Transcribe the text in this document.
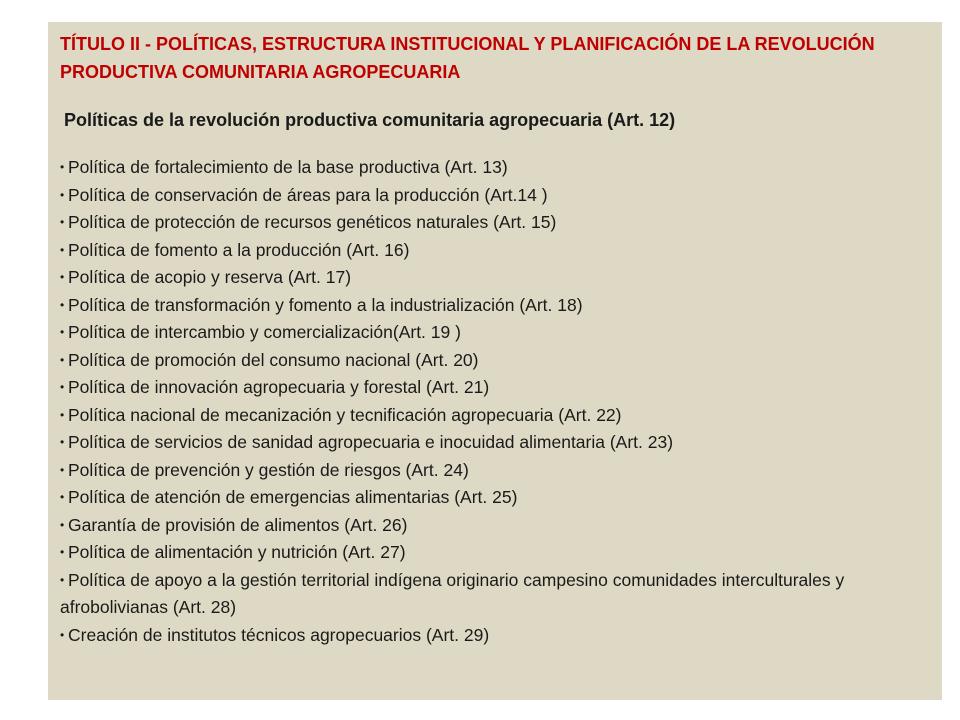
TÍTULO II - POLÍTICAS, ESTRUCTURA INSTITUCIONAL Y PLANIFICACIÓN DE LA REVOLUCIÓN PRODUCTIVA COMUNITARIA AGROPECUARIA

Políticas de la revolución productiva comunitaria agropecuaria (Art. 12)

• Política de fortalecimiento de la base productiva (Art. 13)
• Política de conservación de áreas para la producción (Art.14 )
• Política de protección de recursos genéticos naturales (Art. 15)
• Política de fomento a la producción (Art. 16)
• Política de acopio y reserva (Art. 17)
• Política de transformación y fomento a la industrialización (Art. 18)
• Política de intercambio y comercialización(Art. 19 )
• Política de promoción del consumo nacional (Art. 20)
• Política de innovación agropecuaria y forestal (Art. 21)
• Política nacional de mecanización y tecnificación agropecuaria (Art. 22)
• Política de servicios de sanidad agropecuaria e inocuidad alimentaria (Art. 23)
• Política de prevención y gestión de riesgos (Art. 24)
• Política de atención de emergencias alimentarias (Art. 25)
• Garantía de provisión de alimentos (Art. 26)
• Política de alimentación y nutrición (Art. 27)
• Política de apoyo a la gestión territorial indígena originario campesino comunidades interculturales y afrobolivianas (Art. 28)
• Creación de institutos técnicos agropecuarios (Art. 29)
